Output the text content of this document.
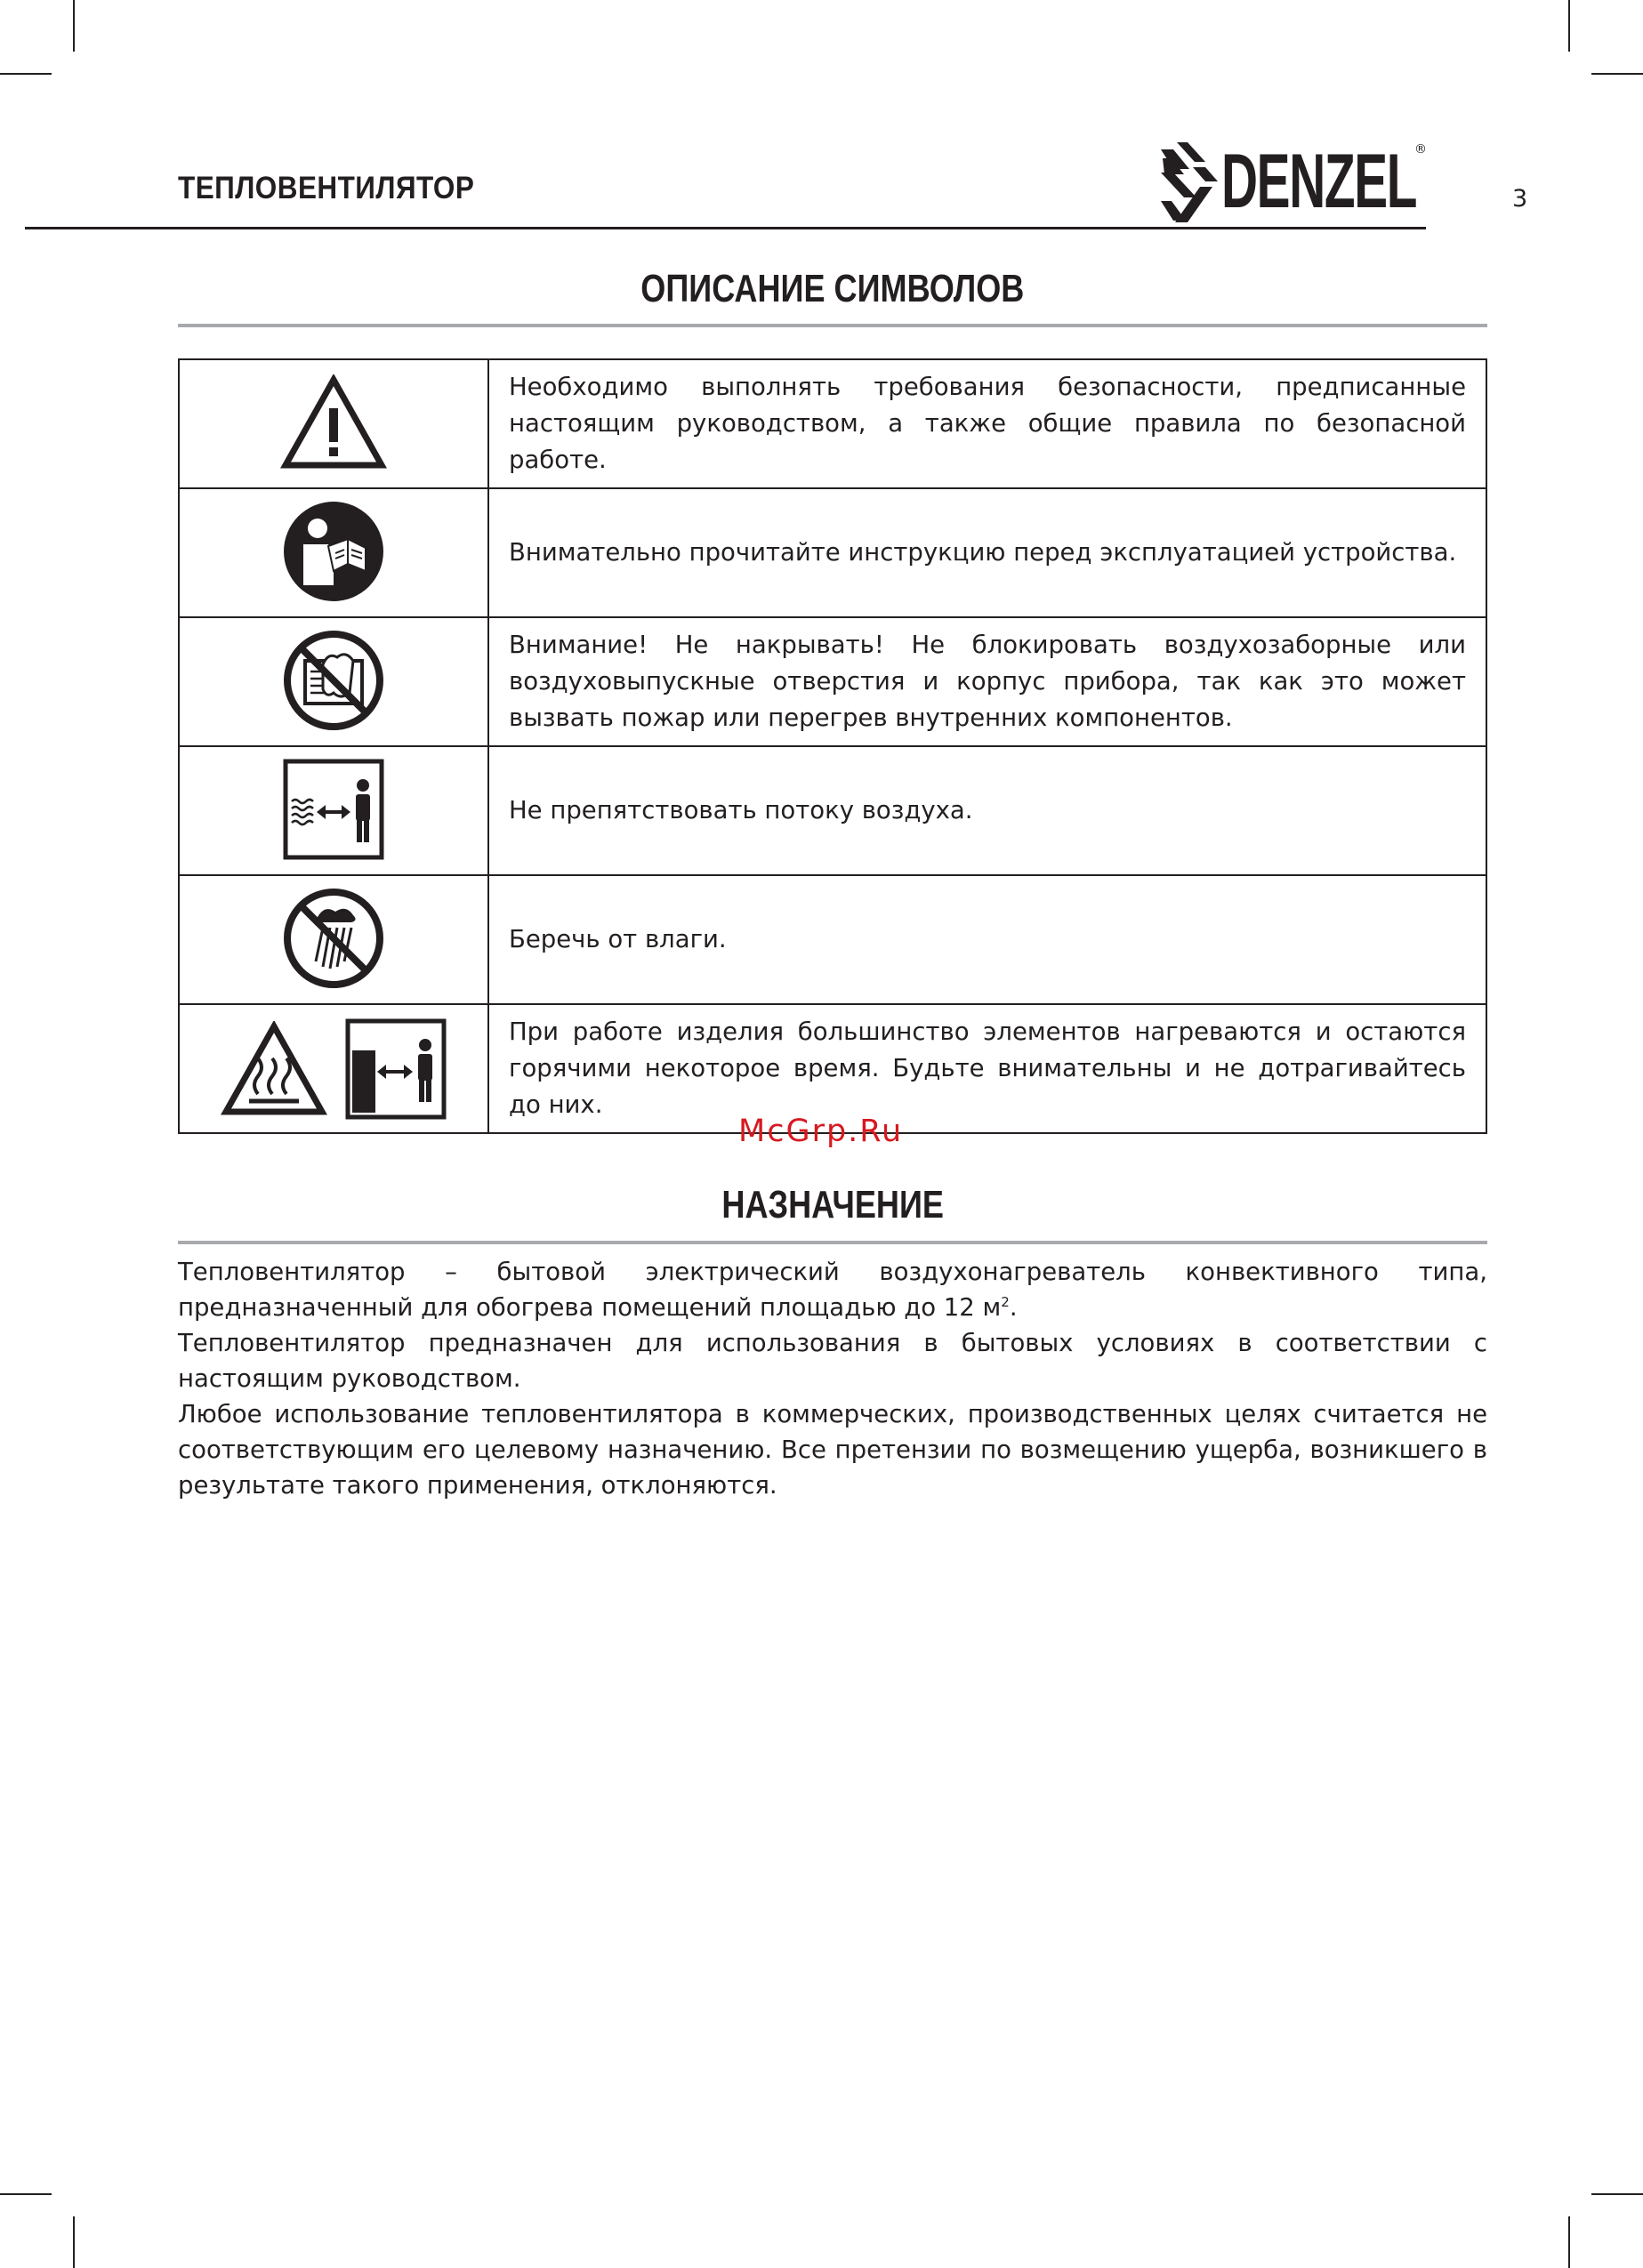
ТЕПЛОВЕНТИЛЯТОР	DENZEL
®
3
ОПИСАНИЕ СИМВОЛОВ
	Необходимо выполнять требования безопасности, предписанные настоящим руководством, а также общие правила по безопасной работе.
	Внимательно прочитайте инструкцию перед эксплуатацией устройства.
	Внимание! Не накрывать! Не блокировать воздухозаборные или воздуховыпускные отверстия и корпус прибора, так как это может вызвать пожар или перегрев внутренних компонентов.
	Не препятствовать потоку воздуха.
	Беречь от влаги.
	При работе изделия большинство элементов нагреваются и остаются горячими некоторое время. Будьте внимательны и не дотрагивайтесь до них.
McGrp.Ru
НАЗНАЧЕНИЕ

Тепловентилятор – бытовой электрический воздухонагреватель конвективного типа, предназначенный для обогрева помещений площадью до 12 $м^2$.

Тепловентилятор предназначен для использования в бытовых условиях в соответствии с настоящим руководством.

Любое использование тепловентилятора в коммерческих, производственных целях считается не соответствующим его целевому назначению. Все претензии по возмещению ущерба, возникшего в результате такого применения, отклоняются.
